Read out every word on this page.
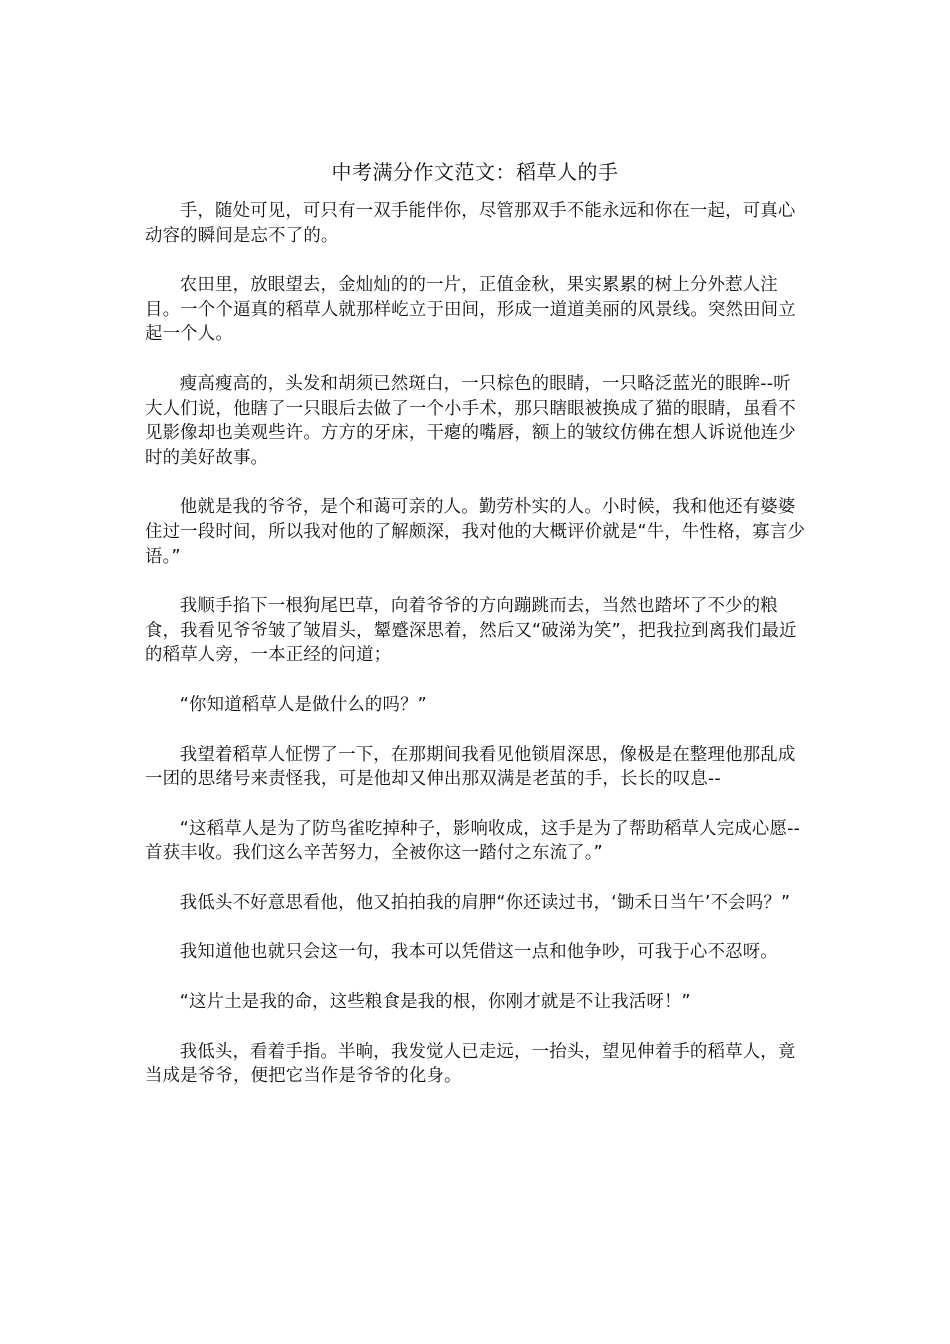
中考满分作文范文：稻草人的手

手，随处可见，可只有一双手能伴你，尽管那双手不能永远和你在一起，可真心动容的瞬间是忘不了的。

农田里，放眼望去，金灿灿的的一片，正值金秋，果实累累的树上分外惹人注目。一个个逼真的稻草人就那样屹立于田间，形成一道道美丽的风景线。突然田间立起一个人。

瘦高瘦高的，头发和胡须已然斑白，一只棕色的眼睛，一只略泛蓝光的眼眸--听大人们说，他瞎了一只眼后去做了一个小手术，那只瞎眼被换成了猫的眼睛，虽看不见影像却也美观些许。方方的牙床，干瘪的嘴唇，额上的皱纹仿佛在想人诉说他连少时的美好故事。

他就是我的爷爷，是个和蔼可亲的人。勤劳朴实的人。小时候，我和他还有婆婆住过一段时间，所以我对他的了解颇深，我对他的大概评价就是“牛，牛性格，寡言少语。”

我顺手掐下一根狗尾巴草，向着爷爷的方向蹦跳而去，当然也踏坏了不少的粮食，我看见爷爷皱了皱眉头，颦蹙深思着，然后又“破涕为笑”，把我拉到离我们最近的稻草人旁，一本正经的问道；

“你知道稻草人是做什么的吗？”

我望着稻草人怔愣了一下，在那期间我看见他锁眉深思，像极是在整理他那乱成一团的思绪号来责怪我，可是他却又伸出那双满是老茧的手，长长的叹息--

“这稻草人是为了防鸟雀吃掉种子，影响收成，这手是为了帮助稻草人完成心愿--首获丰收。我们这么辛苦努力，全被你这一踏付之东流了。”

我低头不好意思看他，他又拍拍我的肩胛“你还读过书，‘锄禾日当午’不会吗？”

我知道他也就只会这一句，我本可以凭借这一点和他争吵，可我于心不忍呀。

“这片土是我的命，这些粮食是我的根，你刚才就是不让我活呀！”

我低头，看着手指。半晌，我发觉人已走远，一抬头，望见伸着手的稻草人，竟当成是爷爷，便把它当作是爷爷的化身。
